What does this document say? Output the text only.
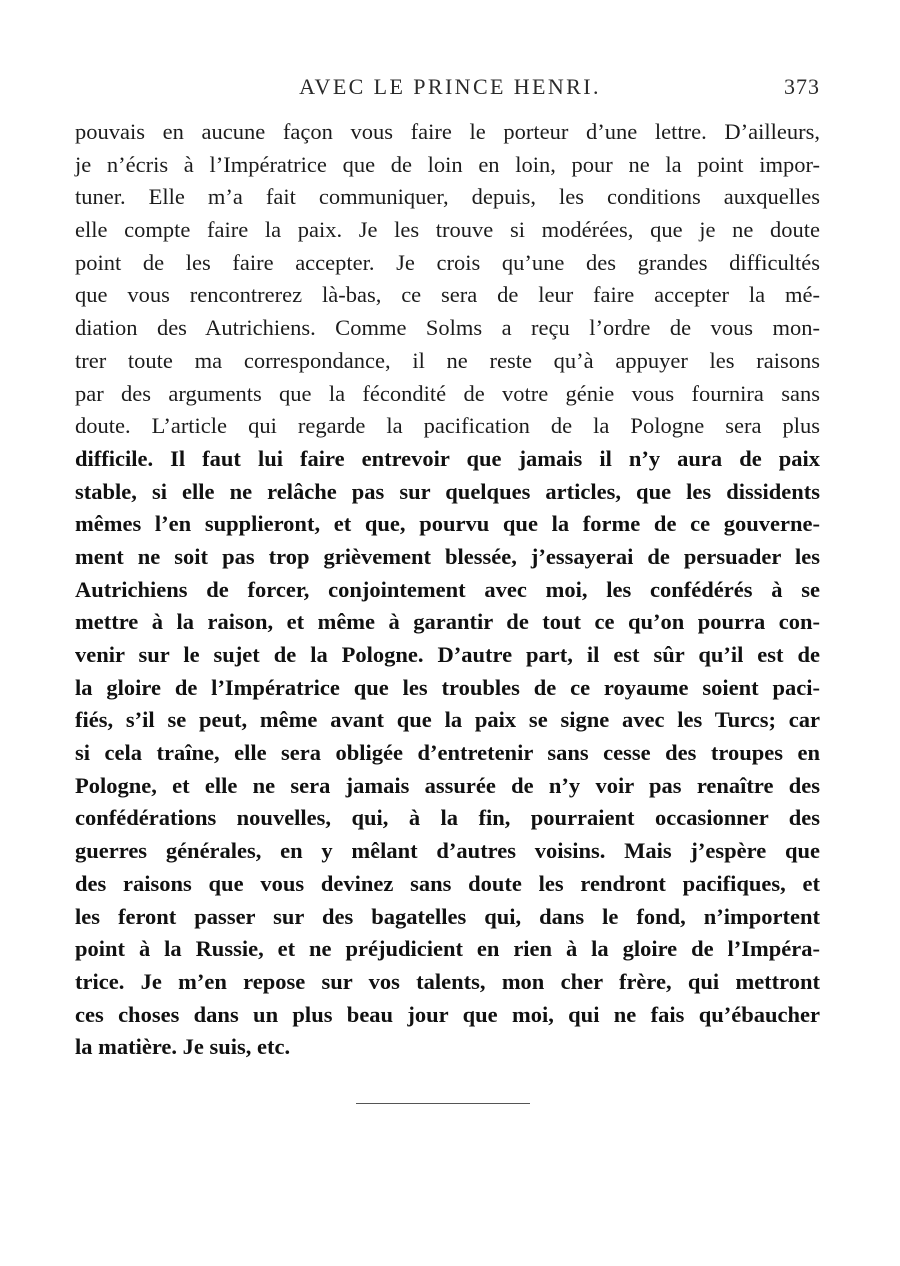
AVEC LE PRINCE HENRI.	373
pouvais en aucune façon vous faire le porteur d’une lettre. D’ailleurs,
je n’écris à l’Impératrice que de loin en loin, pour ne la point impor-
tuner. Elle m’a fait communiquer, depuis, les conditions auxquelles
elle compte faire la paix. Je les trouve si modérées, que je ne doute
point de les faire accepter. Je crois qu’une des grandes difficultés
que vous rencontrerez là-bas, ce sera de leur faire accepter la mé-
diation des Autrichiens. Comme Solms a reçu l’ordre de vous mon-
trer toute ma correspondance, il ne reste qu’à appuyer les raisons
par des arguments que la fécondité de votre génie vous fournira sans
doute. L’article qui regarde la pacification de la Pologne sera plus
difficile. Il faut lui faire entrevoir que jamais il n’y aura de paix
stable, si elle ne relâche pas sur quelques articles, que les dissidents
mêmes l’en supplieront, et que, pourvu que la forme de ce gouverne-
ment ne soit pas trop grièvement blessée, j’essayerai de persuader les
Autrichiens de forcer, conjointement avec moi, les confédérés à se
mettre à la raison, et même à garantir de tout ce qu’on pourra con-
venir sur le sujet de la Pologne. D’autre part, il est sûr qu’il est de
la gloire de l’Impératrice que les troubles de ce royaume soient paci-
fiés, s’il se peut, même avant que la paix se signe avec les Turcs; car
si cela traîne, elle sera obligée d’entretenir sans cesse des troupes en
Pologne, et elle ne sera jamais assurée de n’y voir pas renaître des
confédérations nouvelles, qui, à la fin, pourraient occasionner des
guerres générales, en y mêlant d’autres voisins. Mais j’espère que
des raisons que vous devinez sans doute les rendront pacifiques, et
les feront passer sur des bagatelles qui, dans le fond, n’importent
point à la Russie, et ne préjudicient en rien à la gloire de l’Impéra-
trice. Je m’en repose sur vos talents, mon cher frère, qui mettront
ces choses dans un plus beau jour que moi, qui ne fais qu’ébaucher
la matière. Je suis, etc.
